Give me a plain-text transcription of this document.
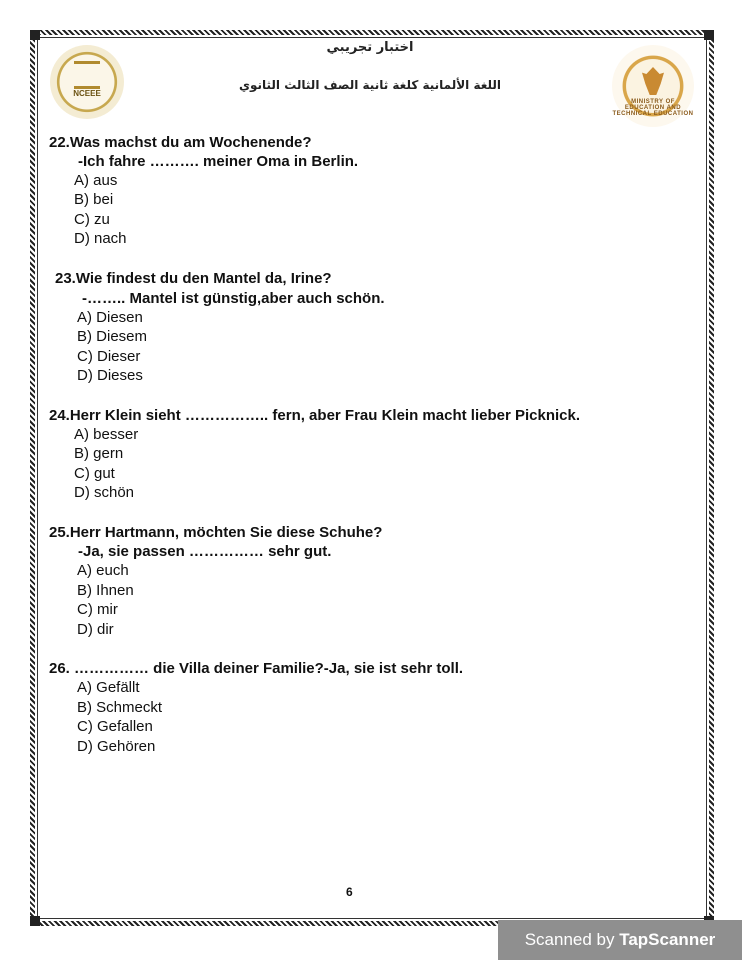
NCEEE
اختبار تجريبي
اللغة الألمانية كلغة ثانية الصف الثالث الثانوي
MINISTRY OF EDUCATION AND TECHNICAL EDUCATION
22.Was machst du am Wochenende?
-Ich fahre ………. meiner Oma in Berlin.
A) aus
B) bei
C) zu
D) nach
23.Wie findest du den Mantel da, Irine?
-…….. Mantel ist günstig,aber auch schön.
A) Diesen
B) Diesem
C) Dieser
D) Dieses
24.Herr Klein sieht …………….. fern, aber Frau Klein macht lieber Picknick.
A) besser
B) gern
C) gut
D) schön
25.Herr Hartmann, möchten Sie diese Schuhe?
-Ja, sie passen …………… sehr gut.
A) euch
B) Ihnen
C) mir
D) dir
26. …………… die Villa deiner Familie?-Ja, sie ist sehr toll.
A) Gefällt
B) Schmeckt
C) Gefallen
D) Gehören
6
Scanned by TapScanner
